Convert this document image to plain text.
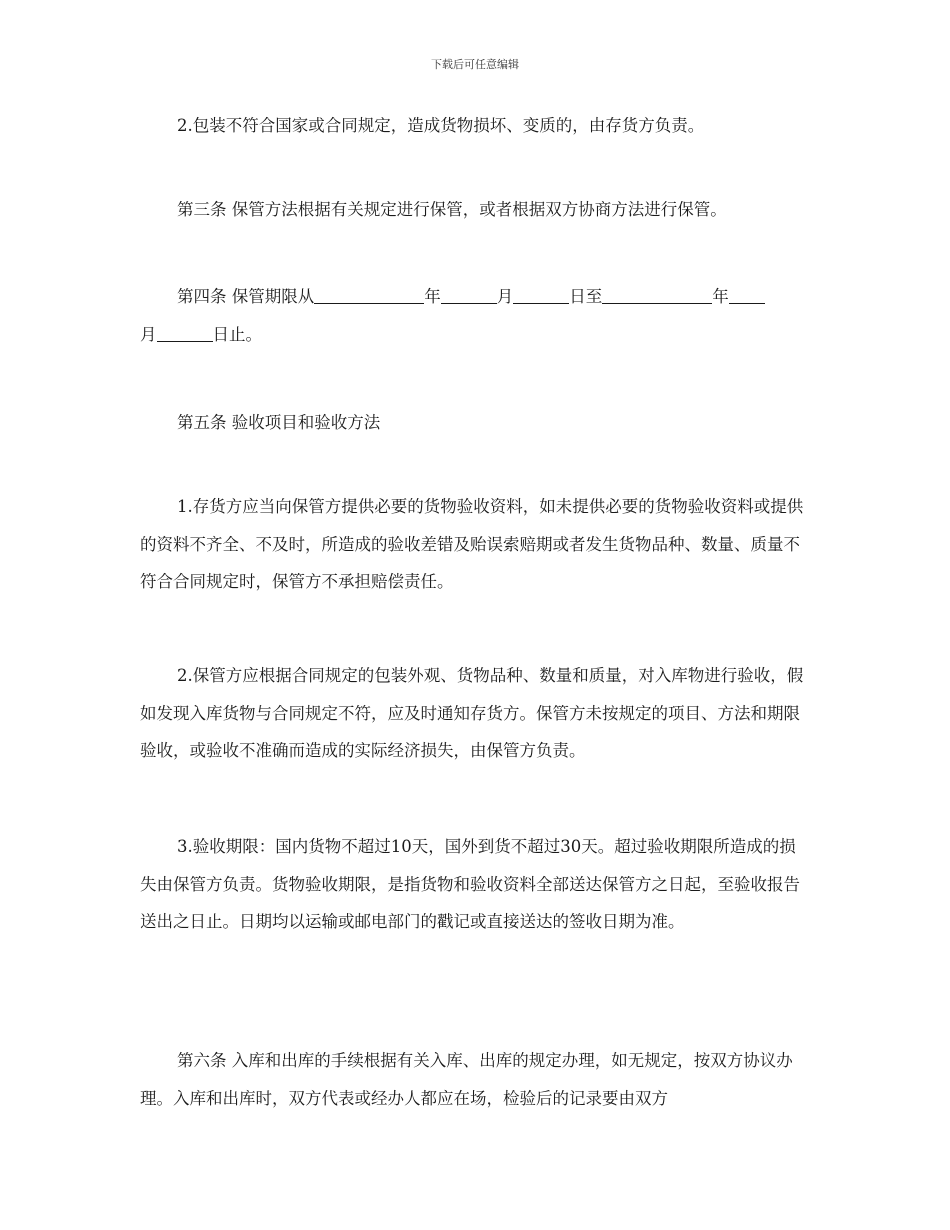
下载后可任意编辑

2.包装不符合国家或合同规定，造成货物损坏、变质的，由存货方负责。

第三条 保管方法根据有关规定进行保管，或者根据双方协商方法进行保管。

第四条 保管期限从	年	月	日至	年
月	日止。

第五条 验收项目和验收方法

1.存货方应当向保管方提供必要的货物验收资料，如未提供必要的货物验收资料或提供的资料不齐全、不及时，所造成的验收差错及贻误索赔期或者发生货物品种、数量、质量不符合合同规定时，保管方不承担赔偿责任。

2.保管方应根据合同规定的包装外观、货物品种、数量和质量，对入库物进行验收，假如发现入库货物与合同规定不符，应及时通知存货方。保管方未按规定的项目、方法和期限验收，或验收不准确而造成的实际经济损失，由保管方负责。

3.验收期限：国内货物不超过10天，国外到货不超过30天。超过验收期限所造成的损失由保管方负责。货物验收期限，是指货物和验收资料全部送达保管方之日起，至验收报告送出之日止。日期均以运输或邮电部门的戳记或直接送达的签收日期为准。

第六条 入库和出库的手续根据有关入库、出库的规定办理，如无规定，按双方协议办理。入库和出库时，双方代表或经办人都应在场，检验后的记录要由双方
